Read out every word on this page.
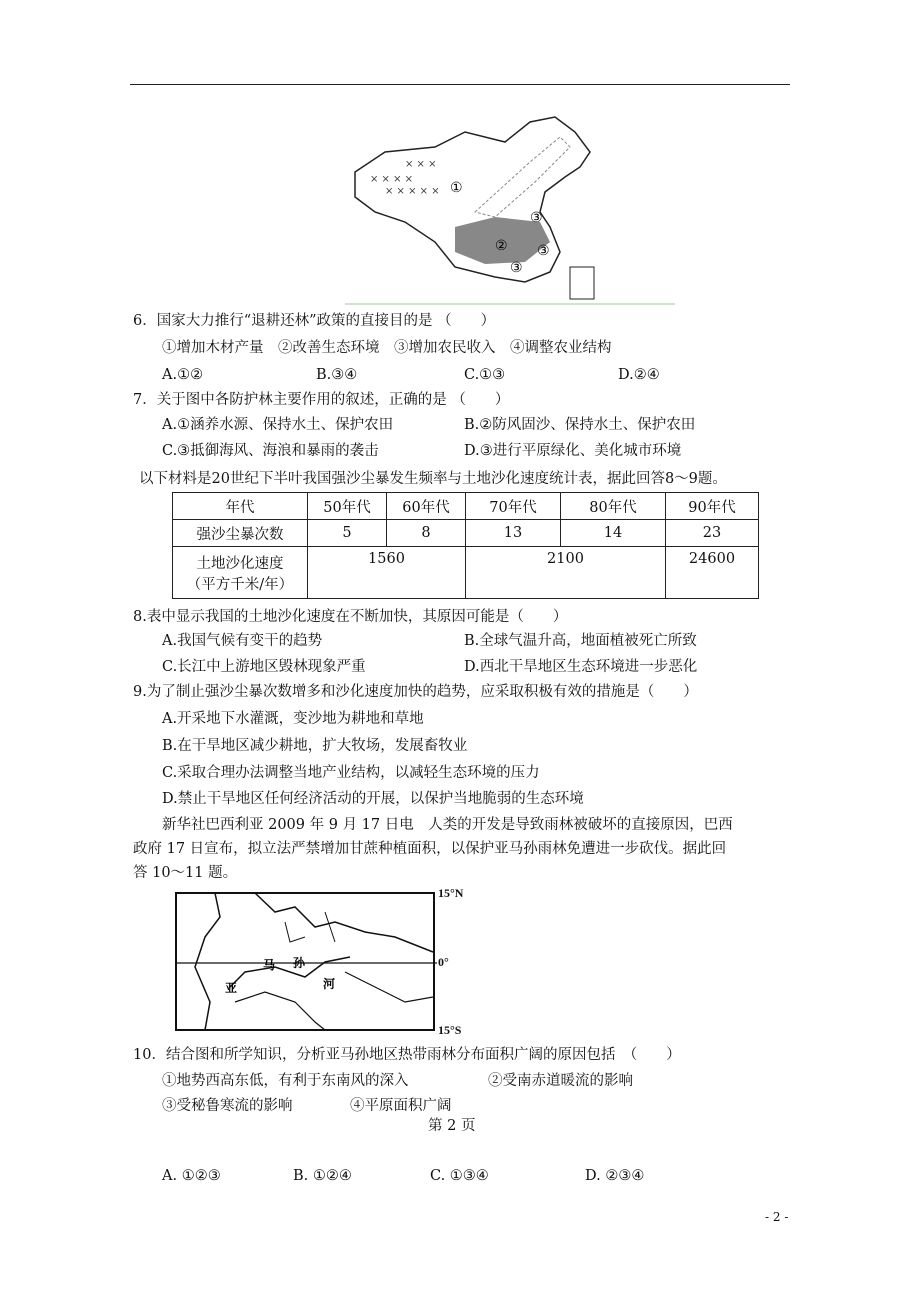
× × × ×
× × × × ×
× × ×
①
②
③
③
③
6．国家大力推行“退耕还林”政策的直接目的是 （　　）
①增加木材产量　②改善生态环境　③增加农民收入　④调整农业结构
A.①②	B.③④	C.①③	D.②④
7．关于图中各防护林主要作用的叙述，正确的是 （　　）
A.①涵养水源、保持水土、保护农田	B.②防风固沙、保持水土、保护农田
C.③抵御海风、海浪和暴雨的袭击	D.③进行平原绿化、美化城市环境
以下材料是20世纪下半叶我国强沙尘暴发生频率与土地沙化速度统计表，据此回答8～9题。
年代	50年代	60年代	70年代	80年代	90年代
强沙尘暴次数	5	8	13	14	23

土地沙化速度
（平方千米/年）	1560		2100		24600
8.表中显示我国的土地沙化速度在不断加快，其原因可能是（　　）
A.我国气候有变干的趋势	B.全球气温升高，地面植被死亡所致
C.长江中上游地区毁林现象严重	D.西北干旱地区生态环境进一步恶化
9.为了制止强沙尘暴次数增多和沙化速度加快的趋势，应采取积极有效的措施是（　　）
A.开采地下水灌溉，变沙地为耕地和草地
B.在干旱地区减少耕地，扩大牧场，发展畜牧业
C.采取合理办法调整当地产业结构，以减轻生态环境的压力
D.禁止干旱地区任何经济活动的开展，以保护当地脆弱的生态环境
新华社巴西利亚 2009 年 9 月 17 日电　人类的开发是导致雨林被破坏的直接原因，巴西
政府 17 日宣布，拟立法严禁增加甘蔗种植面积，以保护亚马孙雨林免遭进一步砍伐。据此回
答 10～11 题。
马 孙
亚	河
15°N
0°
15°S
10．结合图和所学知识，分析亚马孙地区热带雨林分布面积广阔的原因包括　（　　）
①地势西高东低，有利于东南风的深入	②受南赤道暖流的影响
③受秘鲁寒流的影响	④平原面积广阔
第 2 页
A. ①②③	B. ①②④	C. ①③④	D. ②③④
- 2 -
